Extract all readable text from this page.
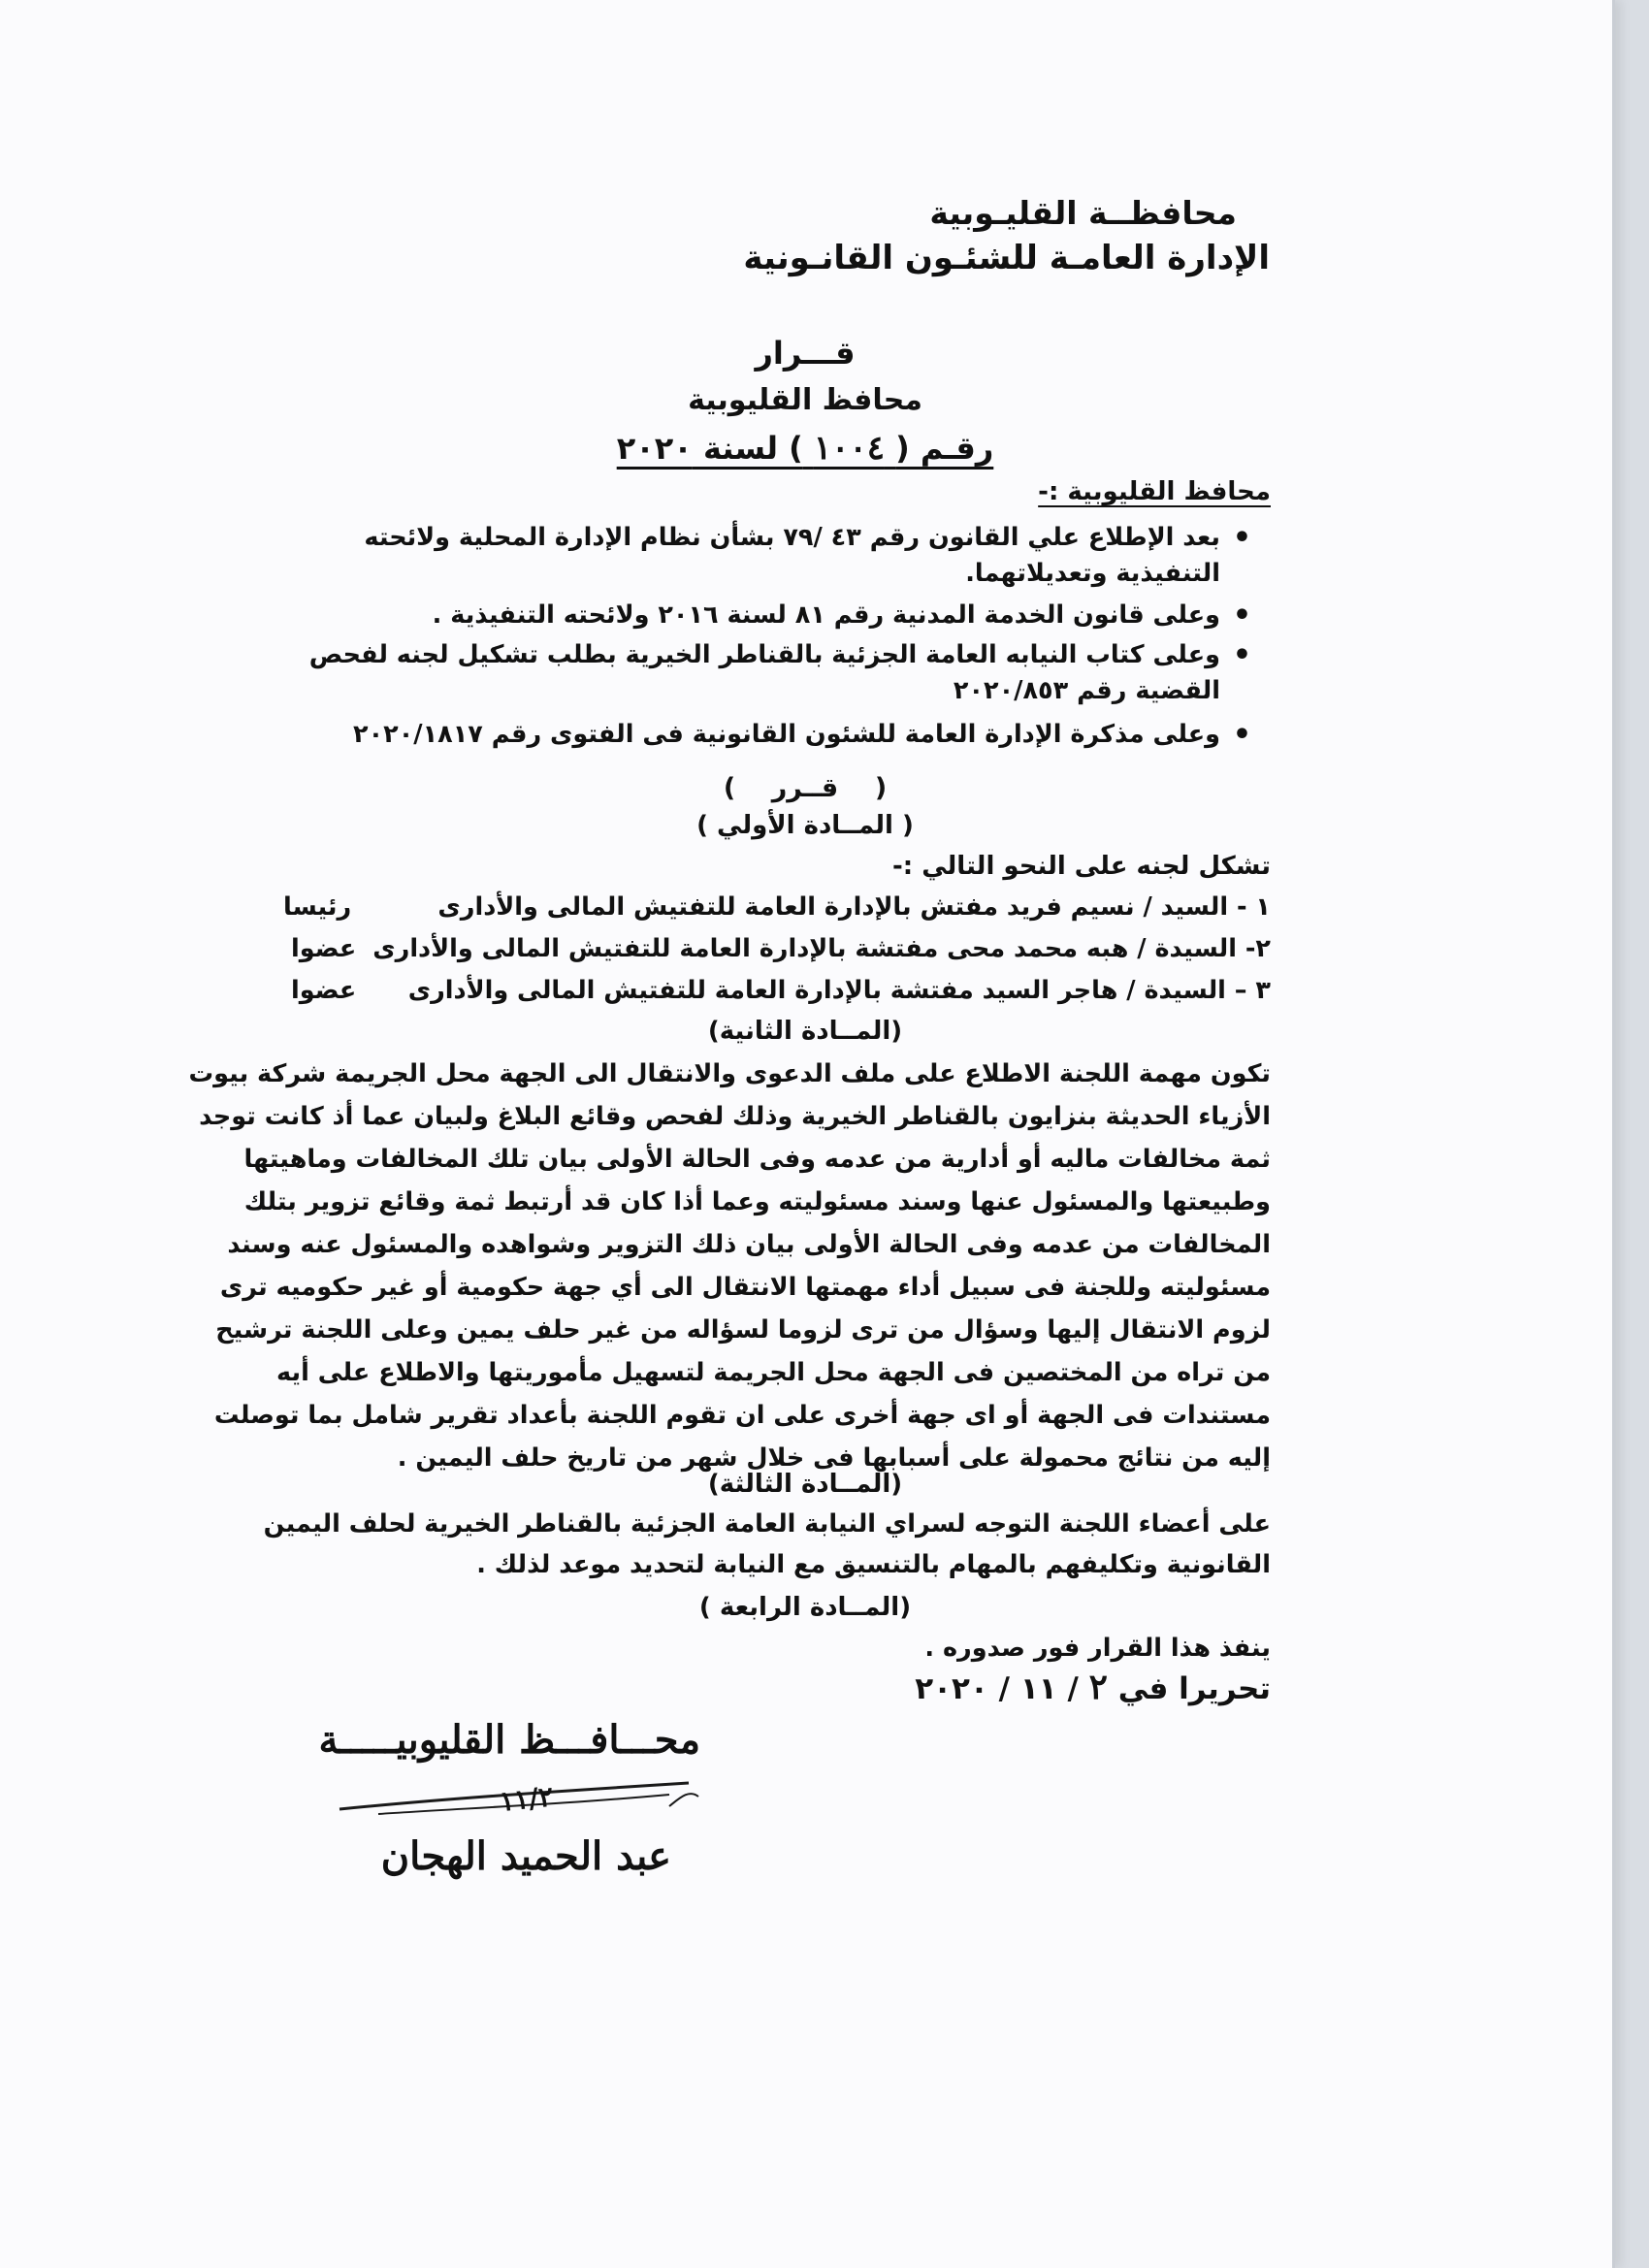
محافظــة القليـوبية
الإدارة العامـة للشئـون القانـونية
قـــرار
محافظ القليوبية
رقـم ( ١٠٠٤ ) لسنة ٢٠٢٠
محافظ القليوبية :-
• بعد الإطلاع علي القانون رقم ٤٣ /٧٩ بشأن نظام الإدارة المحلية ولائحته التنفيذية وتعديلاتهما.
• وعلى قانون الخدمة المدنية رقم ٨١ لسنة ٢٠١٦ ولائحته التنفيذية .
• وعلى كتاب النيابه العامة الجزئية بالقناطر الخيرية بطلب تشكيل لجنه لفحص القضية رقم ٢٠٢٠/٨٥٣
• وعلى مذكرة الإدارة العامة للشئون القانونية فى الفتوى رقم ٢٠٢٠/١٨١٧
(    قــرر    )
( المــادة الأولي )
تشكل لجنه على النحو التالي :-
١ - السيد / نسيم فريد مفتش بالإدارة العامة للتفتيش المالى والأدارى
رئيسا
٢- السيدة / هبه محمد محى مفتشة بالإدارة العامة للتفتيش المالى والأدارى
عضوا
٣ – السيدة / هاجر السيد مفتشة بالإدارة العامة للتفتيش المالى والأدارى
عضوا
(المــادة الثانية)
تكون مهمة اللجنة الاطلاع على ملف الدعوى والانتقال الى الجهة محل الجريمة شركة بيوت
الأزياء الحديثة بنزايون بالقناطر الخيرية وذلك لفحص وقائع البلاغ ولبيان عما أذ كانت توجد
ثمة مخالفات ماليه أو أدارية من عدمه وفى الحالة الأولى بيان تلك المخالفات وماهيتها
وطبيعتها والمسئول عنها وسند مسئوليته وعما أذا كان قد أرتبط ثمة وقائع تزوير بتلك
المخالفات من عدمه وفى الحالة الأولى بيان ذلك التزوير وشواهده والمسئول عنه وسند
مسئوليته وللجنة فى سبيل أداء مهمتها الانتقال الى أي جهة حكومية أو غير حكوميه ترى
لزوم الانتقال إليها وسؤال من ترى لزوما لسؤاله من غير حلف يمين وعلى اللجنة ترشيح
من تراه من المختصين فى الجهة محل الجريمة لتسهيل مأموريتها والاطلاع على أيه
مستندات فى الجهة أو اى جهة أخرى على ان تقوم اللجنة بأعداد تقرير شامل بما توصلت
إليه من نتائج محمولة على أسبابها فى خلال شهر من تاريخ حلف اليمين .
(المــادة الثالثة)
على أعضاء اللجنة التوجه لسراي النيابة العامة الجزئية بالقناطر الخيرية لحلف اليمين
القانونية وتكليفهم بالمهام بالتنسيق مع النيابة لتحديد موعد لذلك .
(المــادة الرابعة )
ينفذ هذا القرار فور صدوره .
تحريرا في ٢ / ١١ / ٢٠٢٠
محـــافـــظ القليوبيـــــة
١١/٢
عبد الحميد الهجان
